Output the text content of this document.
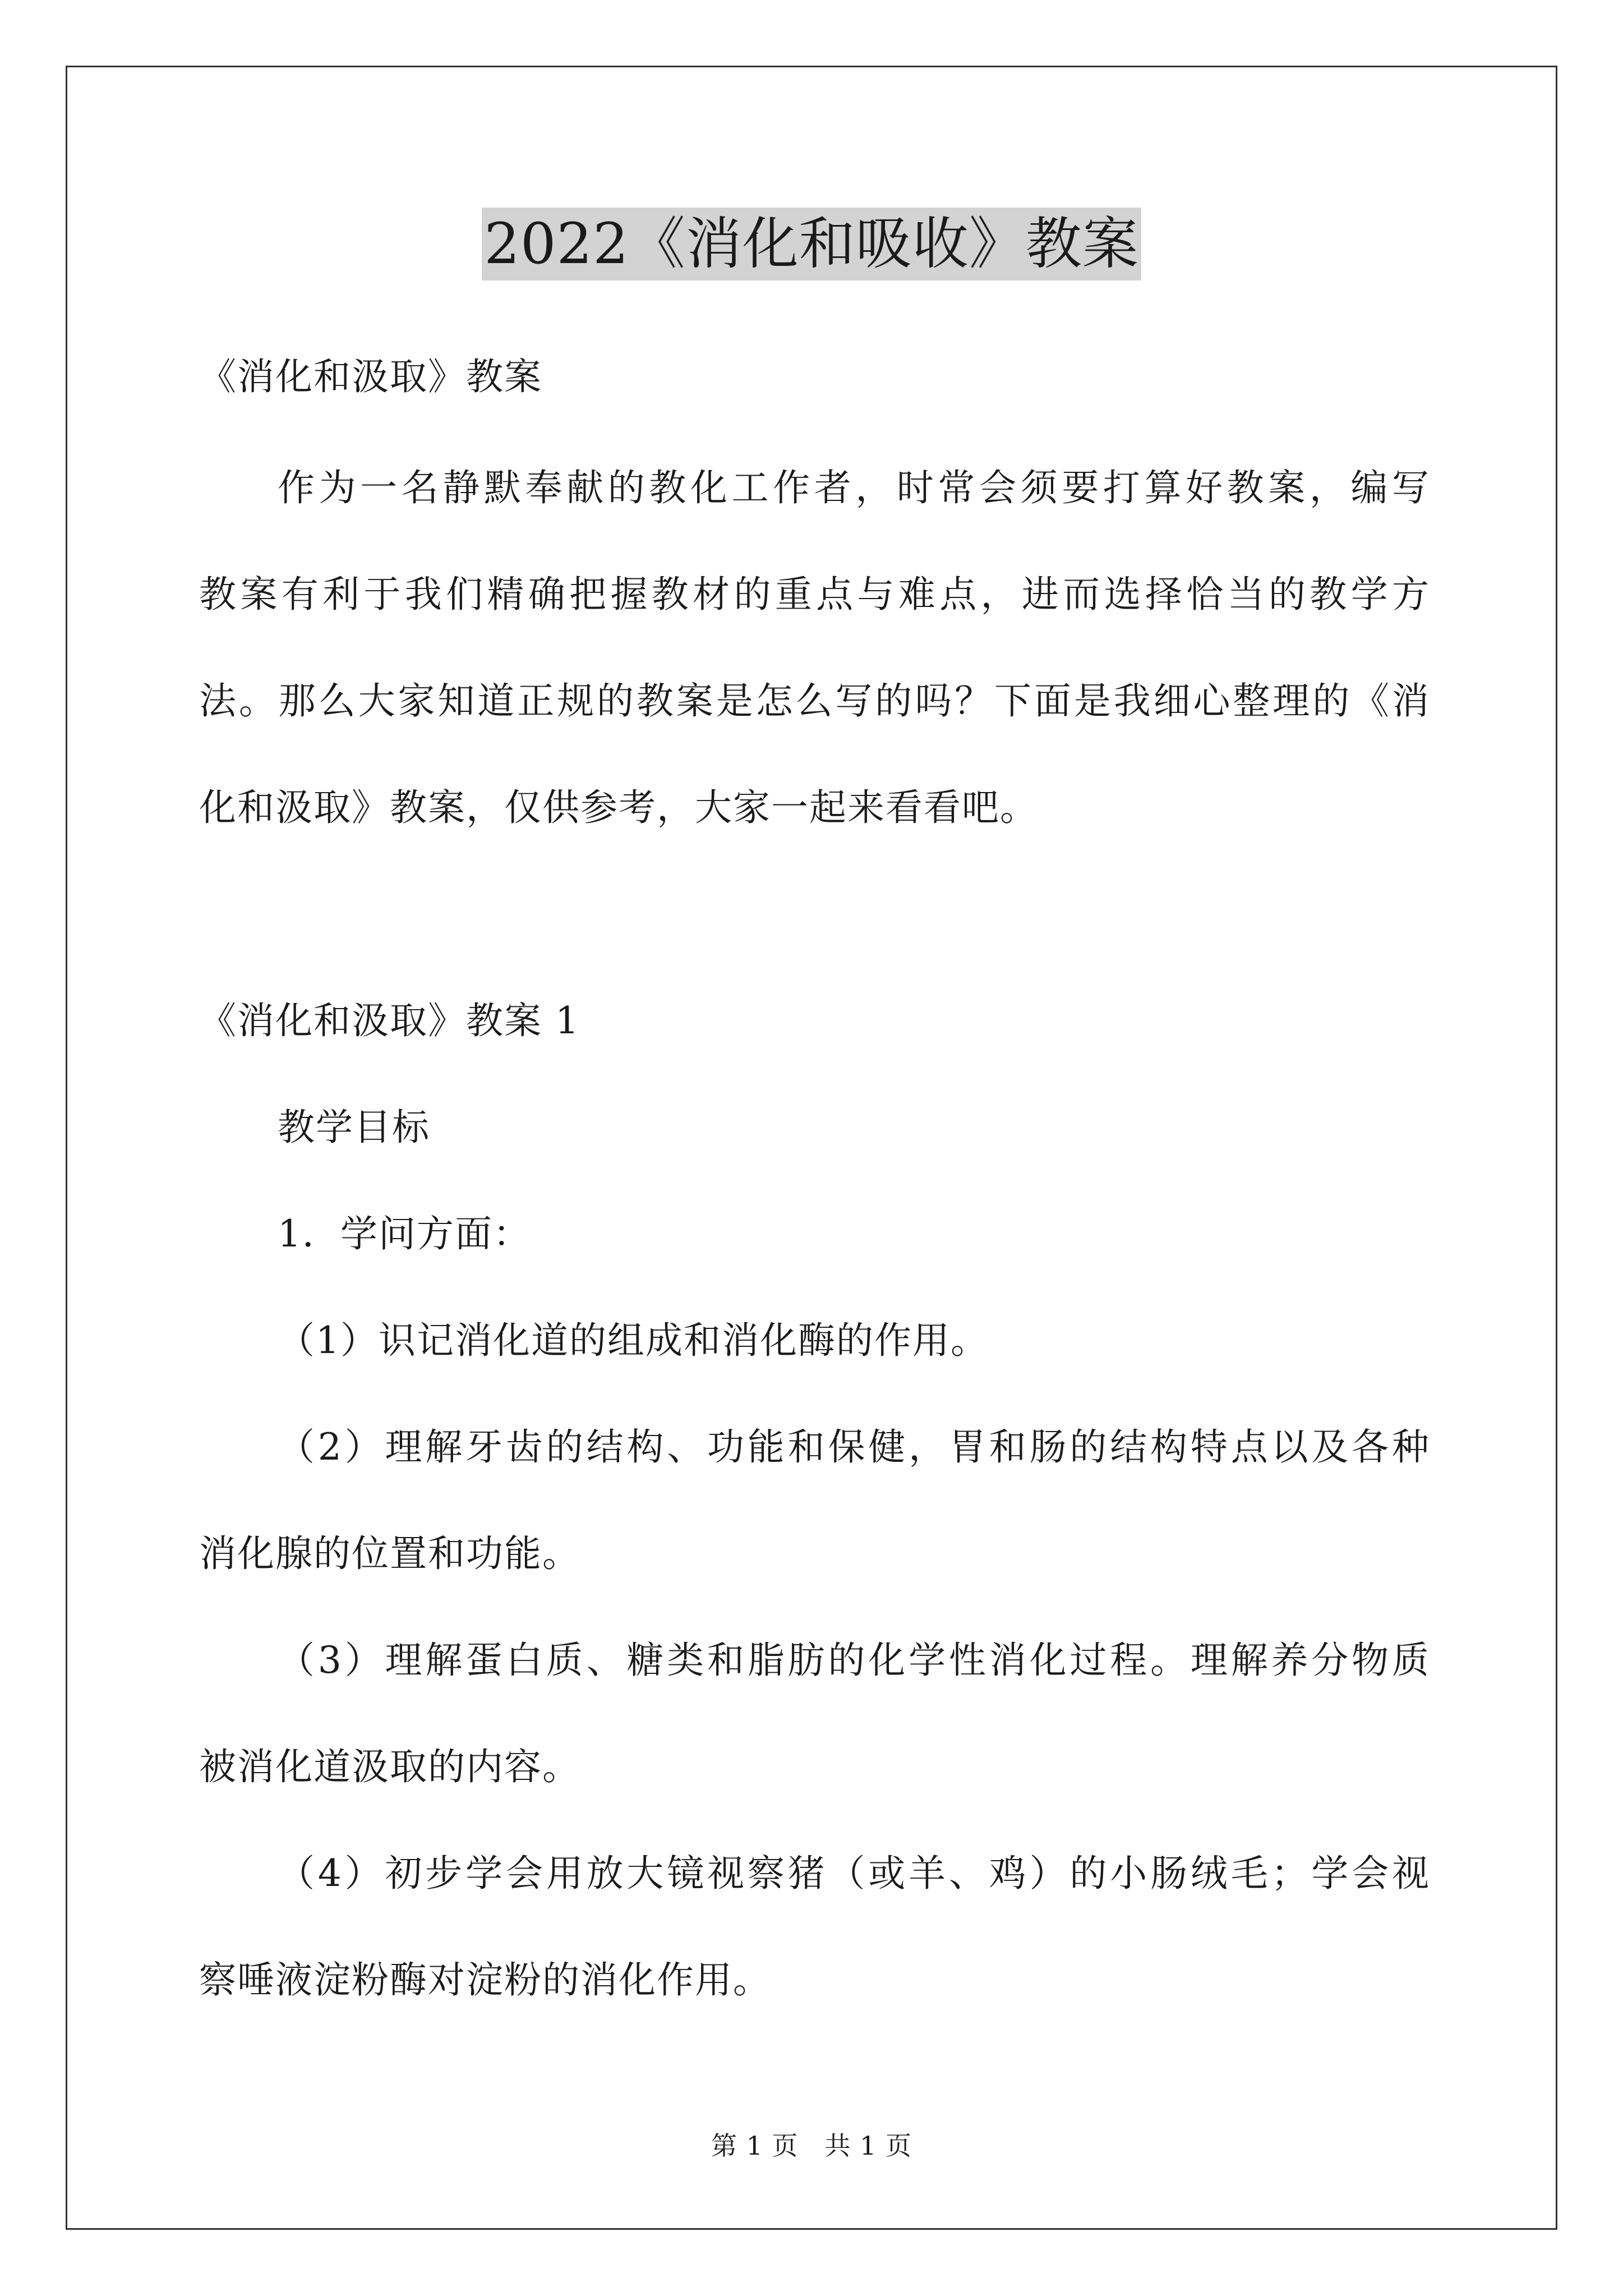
2022《消化和吸收》教案
《消化和汲取》教案
作为一名静默奉献的教化工作者，时常会须要打算好教案，编写
教案有利于我们精确把握教材的重点与难点，进而选择恰当的教学方
法。那么大家知道正规的教案是怎么写的吗？下面是我细心整理的《消
化和汲取》教案，仅供参考，大家一起来看看吧。
《消化和汲取》教案 1
教学目标
1．学问方面：
（1）识记消化道的组成和消化酶的作用。
（2）理解牙齿的结构、功能和保健，胃和肠的结构特点以及各种
消化腺的位置和功能。
（3）理解蛋白质、糖类和脂肪的化学性消化过程。理解养分物质
被消化道汲取的内容。
（4）初步学会用放大镜视察猪（或羊、鸡）的小肠绒毛；学会视
察唾液淀粉酶对淀粉的消化作用。
第 1 页　共 1 页
